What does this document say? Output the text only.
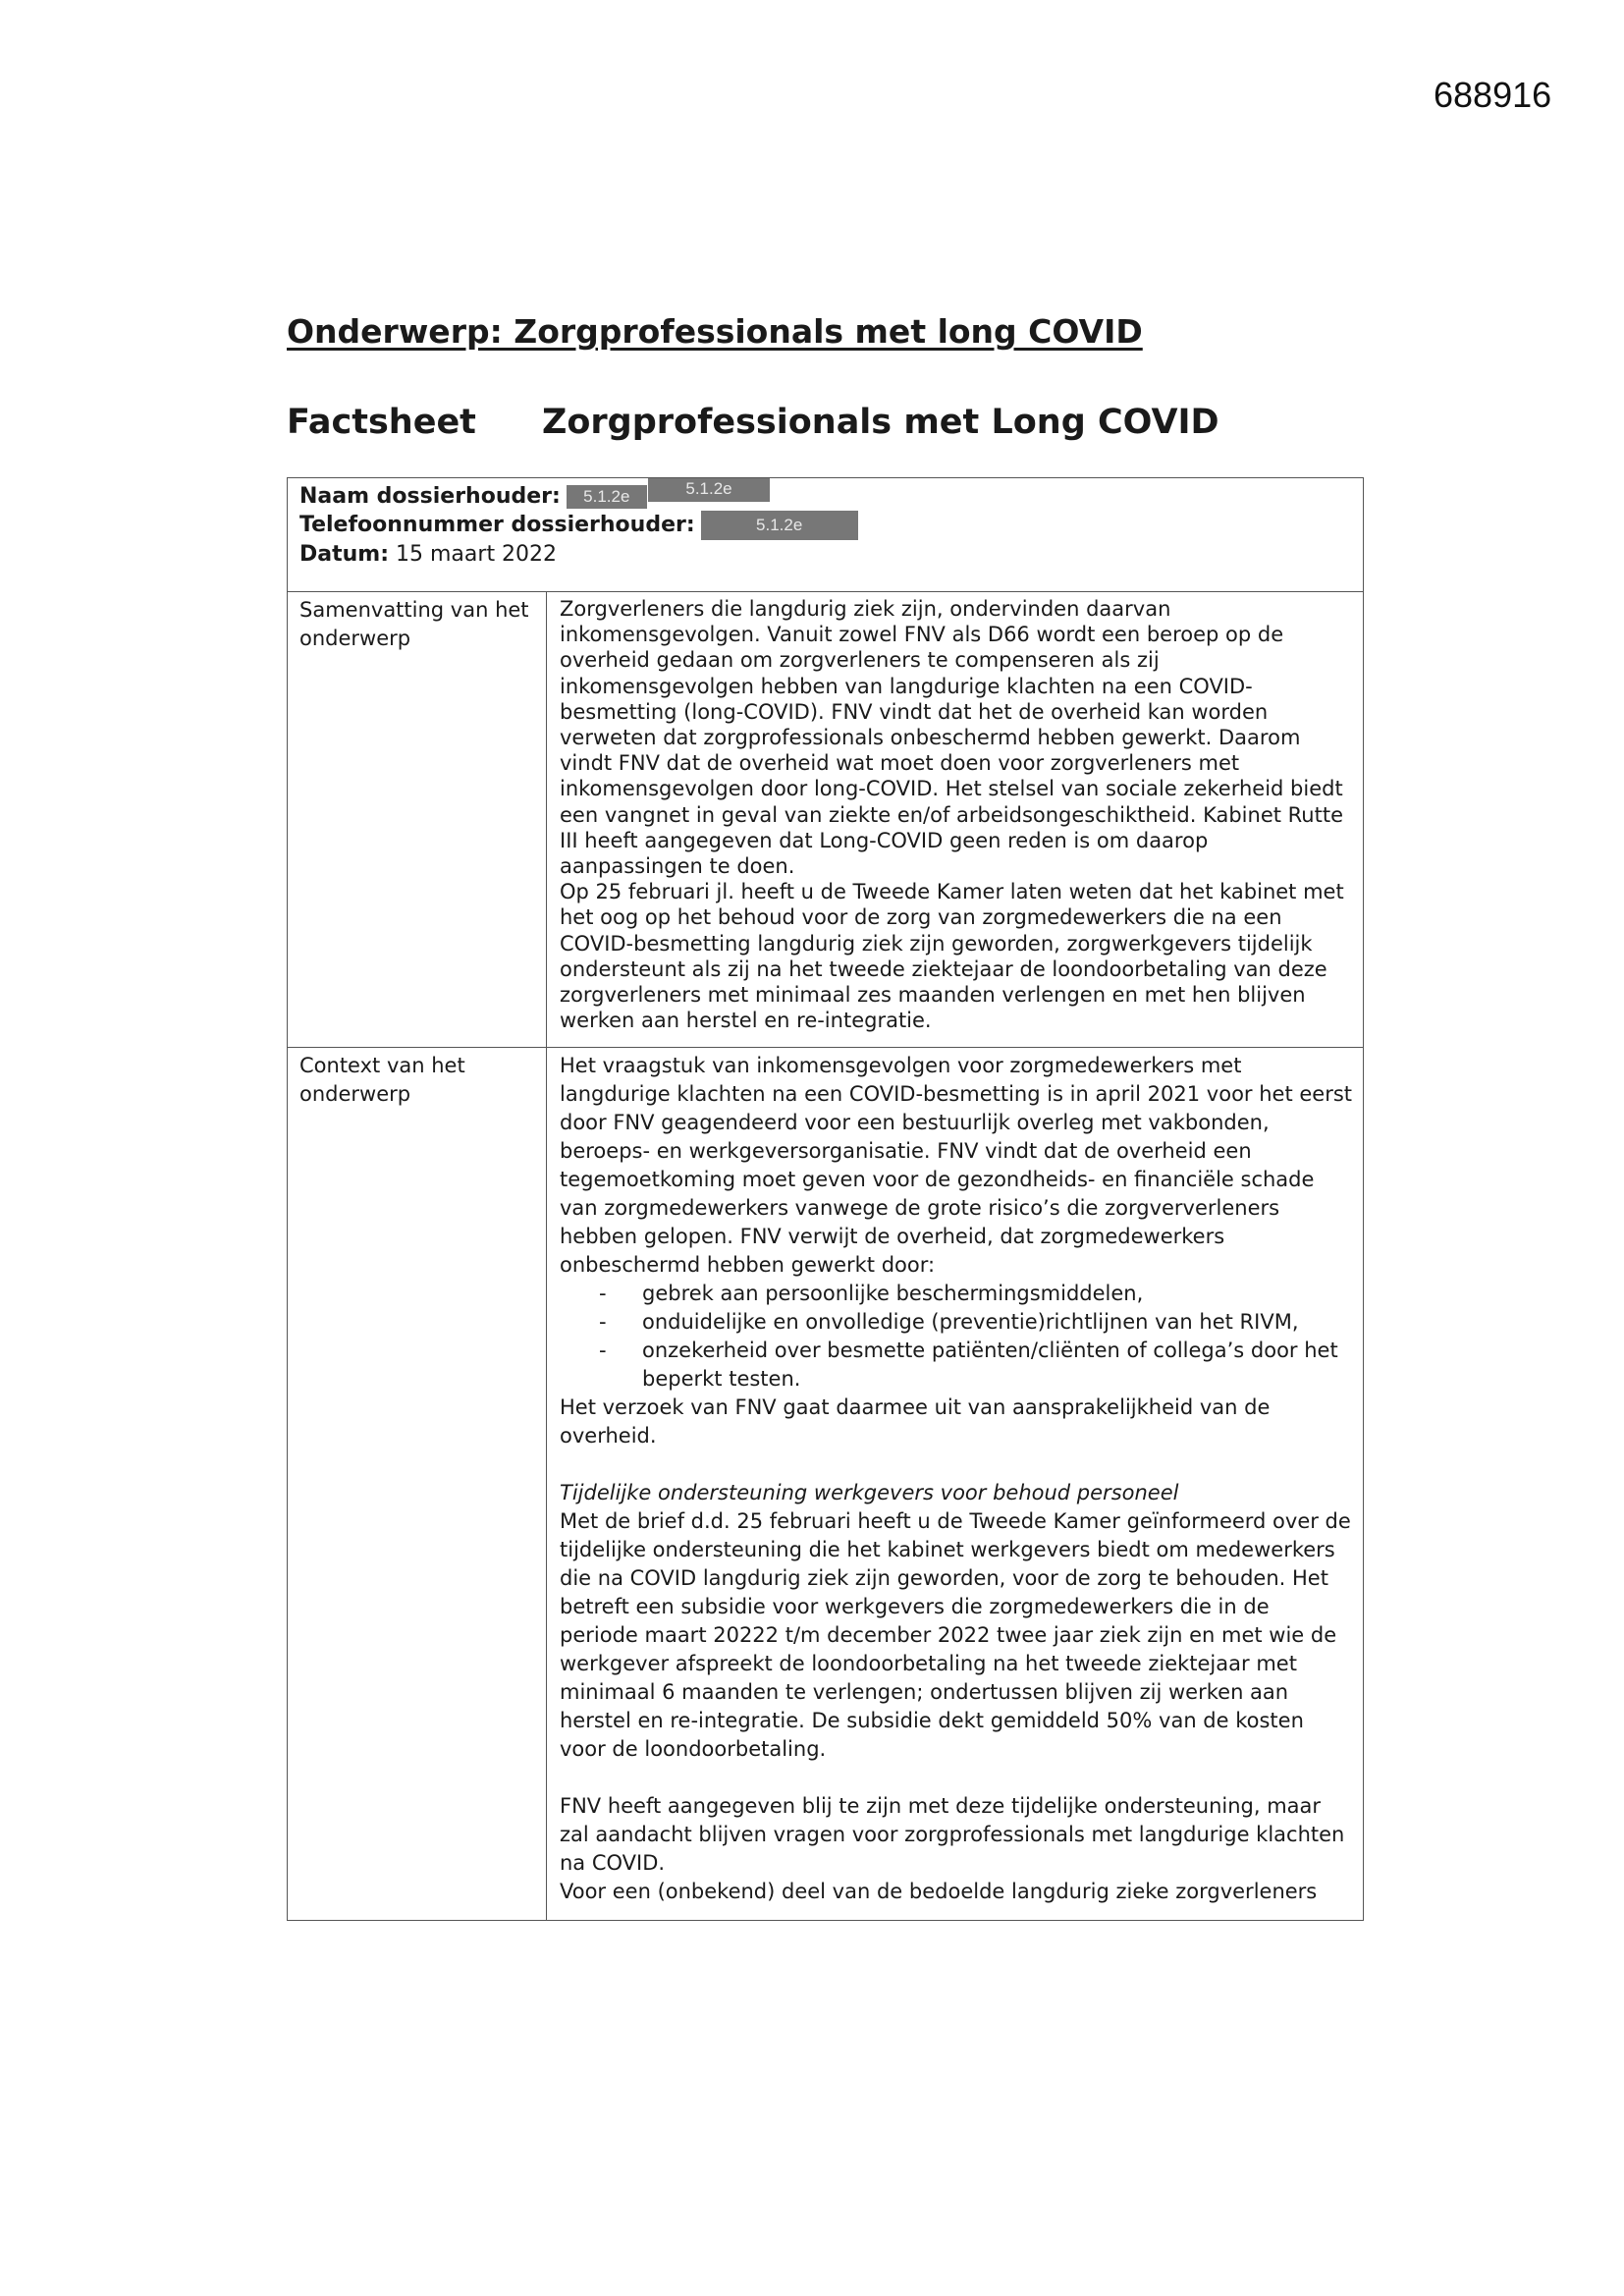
688916
Onderwerp: Zorgprofessionals met long COVID
Factsheet Zorgprofessionals met Long COVID
Naam dossierhouder: 5.1.2e	5.1.2e
Telefoonnummer dossierhouder:	5.1.2e
Datum: 15 maart 2022
Samenvatting van het onderwerp

Zorgverleners die langdurig ziek zijn, ondervinden daarvan inkomensgevolgen. Vanuit zowel FNV als D66 wordt een beroep op de overheid gedaan om zorgverleners te compenseren als zij inkomensgevolgen hebben van langdurige klachten na een COVID-besmetting (long-COVID). FNV vindt dat het de overheid kan worden verweten dat zorgprofessionals onbeschermd hebben gewerkt. Daarom vindt FNV dat de overheid wat moet doen voor zorgverleners met inkomensgevolgen door long-COVID. Het stelsel van sociale zekerheid biedt een vangnet in geval van ziekte en/of arbeidsongeschiktheid. Kabinet Rutte III heeft aangegeven dat Long-COVID geen reden is om daarop aanpassingen te doen.

Op 25 februari jl. heeft u de Tweede Kamer laten weten dat het kabinet met het oog op het behoud voor de zorg van zorgmedewerkers die na een COVID-besmetting langdurig ziek zijn geworden, zorgwerkgevers tijdelijk ondersteunt als zij na het tweede ziektejaar de loondoorbetaling van deze zorgverleners met minimaal zes maanden verlengen en met hen blijven werken aan herstel en re-integratie.

Context van het onderwerp

Het vraagstuk van inkomensgevolgen voor zorgmedewerkers met langdurige klachten na een COVID-besmetting is in april 2021 voor het eerst door FNV geagendeerd voor een bestuurlijk overleg met vakbonden, beroeps- en werkgeversorganisatie. FNV vindt dat de overheid een tegemoetkoming moet geven voor de gezondheids- en financiële schade van zorgmedewerkers vanwege de grote risico’s die zorgververleners hebben gelopen. FNV verwijt de overheid, dat zorgmedewerkers onbeschermd hebben gewerkt door:

- gebrek aan persoonlijke beschermingsmiddelen,
- onduidelijke en onvolledige (preventie)richtlijnen van het RIVM,
- onzekerheid over besmette patiënten/cliënten of collega’s door het beperkt testen.

Het verzoek van FNV gaat daarmee uit van aansprakelijkheid van de overheid.

Tijdelijke ondersteuning werkgevers voor behoud personeel

Met de brief d.d. 25 februari heeft u de Tweede Kamer geïnformeerd over de tijdelijke ondersteuning die het kabinet werkgevers biedt om medewerkers die na COVID langdurig ziek zijn geworden, voor de zorg te behouden. Het betreft een subsidie voor werkgevers die zorgmedewerkers die in de periode maart 20222 t/m december 2022 twee jaar ziek zijn en met wie de werkgever afspreekt de loondoorbetaling na het tweede ziektejaar met minimaal 6 maanden te verlengen; ondertussen blijven zij werken aan herstel en re-integratie. De subsidie dekt gemiddeld 50% van de kosten voor de loondoorbetaling.

FNV heeft aangegeven blij te zijn met deze tijdelijke ondersteuning, maar zal aandacht blijven vragen voor zorgprofessionals met langdurige klachten na COVID.

Voor een (onbekend) deel van de bedoelde langdurig zieke zorgverleners
